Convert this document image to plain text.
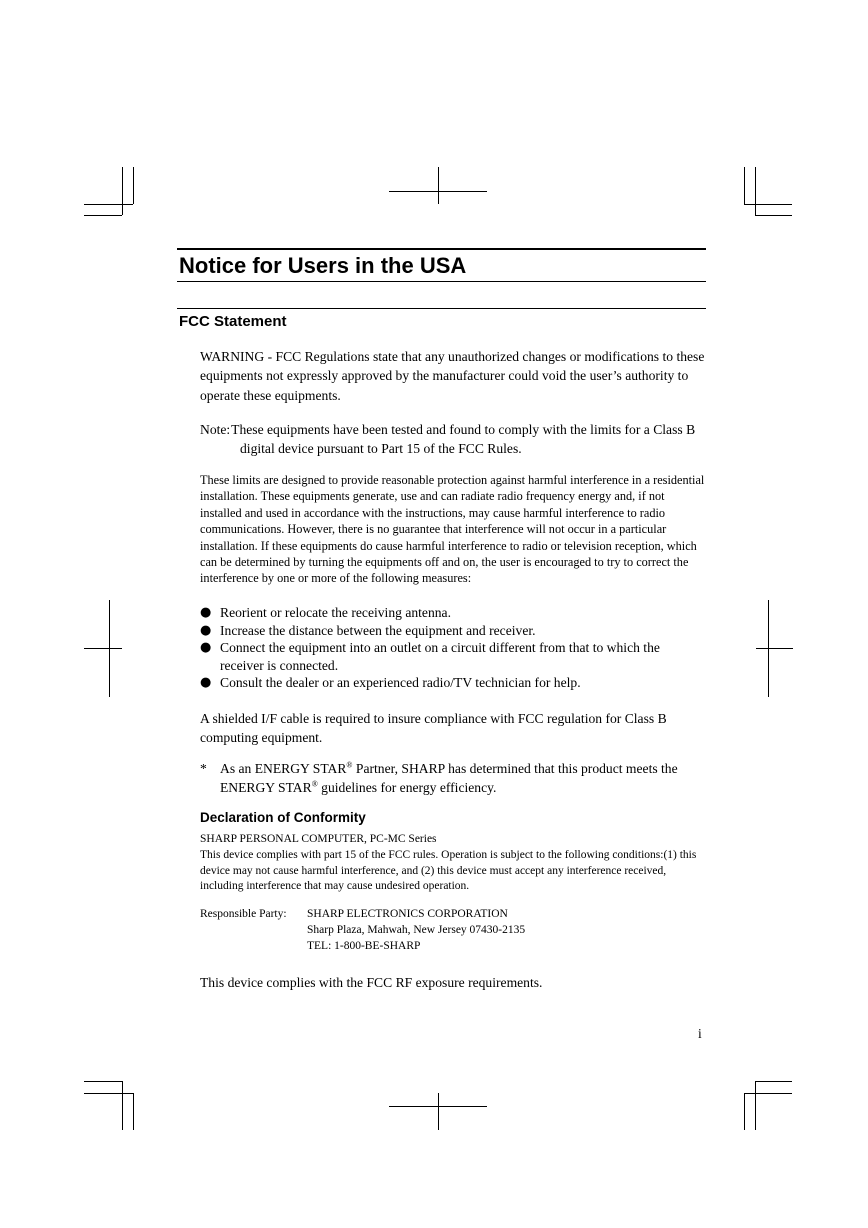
Notice for Users in the USA
FCC Statement

WARNING - FCC Regulations state that any unauthorized changes or modifications to these equipments not expressly approved by the manufacturer could void the user’s authority to operate these equipments.

Note: These equipments have been tested and found to comply with the limits for a Class B digital device pursuant to Part 15 of the FCC Rules.

These limits are designed to provide reasonable protection against harmful interference in a residential installation. These equipments generate, use and can radiate radio frequency energy and, if not installed and used in accordance with the instructions, may cause harmful interference to radio communications. However, there is no guarantee that interference will not occur in a particular installation. If these equipments do cause harmful interference to radio or television reception, which can be determined by turning the equipments off and on, the user is encouraged to try to correct the interference by one or more of the following measures:

● Reorient or relocate the receiving antenna.
● Increase the distance between the equipment and receiver.
● Connect the equipment into an outlet on a circuit different from that to which the receiver is connected.
● Consult the dealer or an experienced radio/TV technician for help.

A shielded I/F cable is required to insure compliance with FCC regulation for Class B computing equipment.

* As an ENERGY STAR® Partner, SHARP has determined that this product meets the ENERGY STAR® guidelines for energy efficiency.
Declaration of Conformity

SHARP PERSONAL COMPUTER, PC-MC Series

This device complies with part 15 of the FCC rules. Operation is subject to the following conditions:(1) this device may not cause harmful interference, and (2) this device must accept any interference received, including interference that may cause undesired operation.

Responsible Party: SHARP ELECTRONICS CORPORATION
Sharp Plaza, Mahwah, New Jersey 07430-2135
TEL: 1-800-BE-SHARP

This device complies with the FCC RF exposure requirements.

i
